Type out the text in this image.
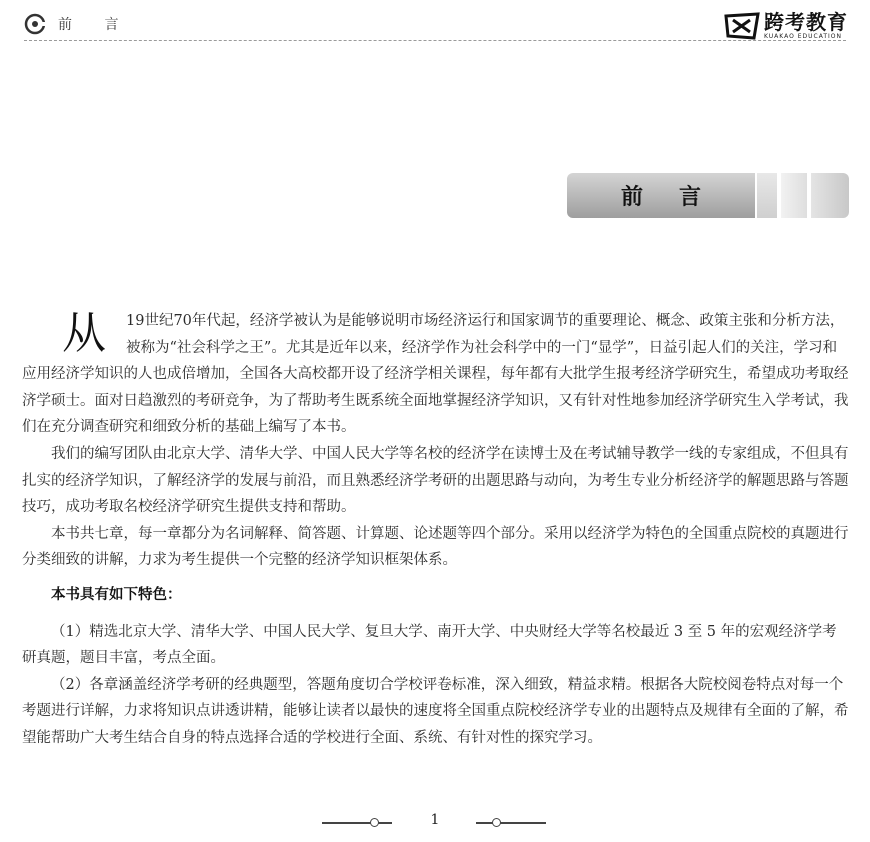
前 言	跨考教育
KUAKAO EDUCATION
前言

从	19世纪70年代起，经济学被认为是能够说明市场经济运行和国家调节的重要理论、概念、政策主张和分析方法，被称为“社会科学之王”。尤其是近年以来，经济学作为社会科学中的一门“显学”，日益引起人们的关注，学习和应用经济学知识的人也成倍增加，全国各大高校都开设了经济学相关课程，每年都有大批学生报考经济学研究生，希望成功考取经济学硕士。面对日趋激烈的考研竞争，为了帮助考生既系统全面地掌握经济学知识，又有针对性地参加经济学研究生入学考试，我们在充分调查研究和细致分析的基础上编写了本书。

我们的编写团队由北京大学、清华大学、中国人民大学等名校的经济学在读博士及在考试辅导教学一线的专家组成，不但具有扎实的经济学知识，了解经济学的发展与前沿，而且熟悉经济学考研的出题思路与动向，为考生专业分析经济学的解题思路与答题技巧，成功考取名校经济学研究生提供支持和帮助。

本书共七章，每一章都分为名词解释、简答题、计算题、论述题等四个部分。采用以经济学为特色的全国重点院校的真题进行分类细致的讲解，力求为考生提供一个完整的经济学知识框架体系。

本书具有如下特色：

（1）精选北京大学、清华大学、中国人民大学、复旦大学、南开大学、中央财经大学等名校最近 3 至 5 年的宏观经济学考研真题，题目丰富，考点全面。

（2）各章涵盖经济学考研的经典题型，答题角度切合学校评卷标准，深入细致，精益求精。根据各大院校阅卷特点对每一个考题进行详解，力求将知识点讲透讲精，能够让读者以最快的速度将全国重点院校经济学专业的出题特点及规律有全面的了解，希望能帮助广大考生结合自身的特点选择合适的学校进行全面、系统、有针对性的探究学习。

1
